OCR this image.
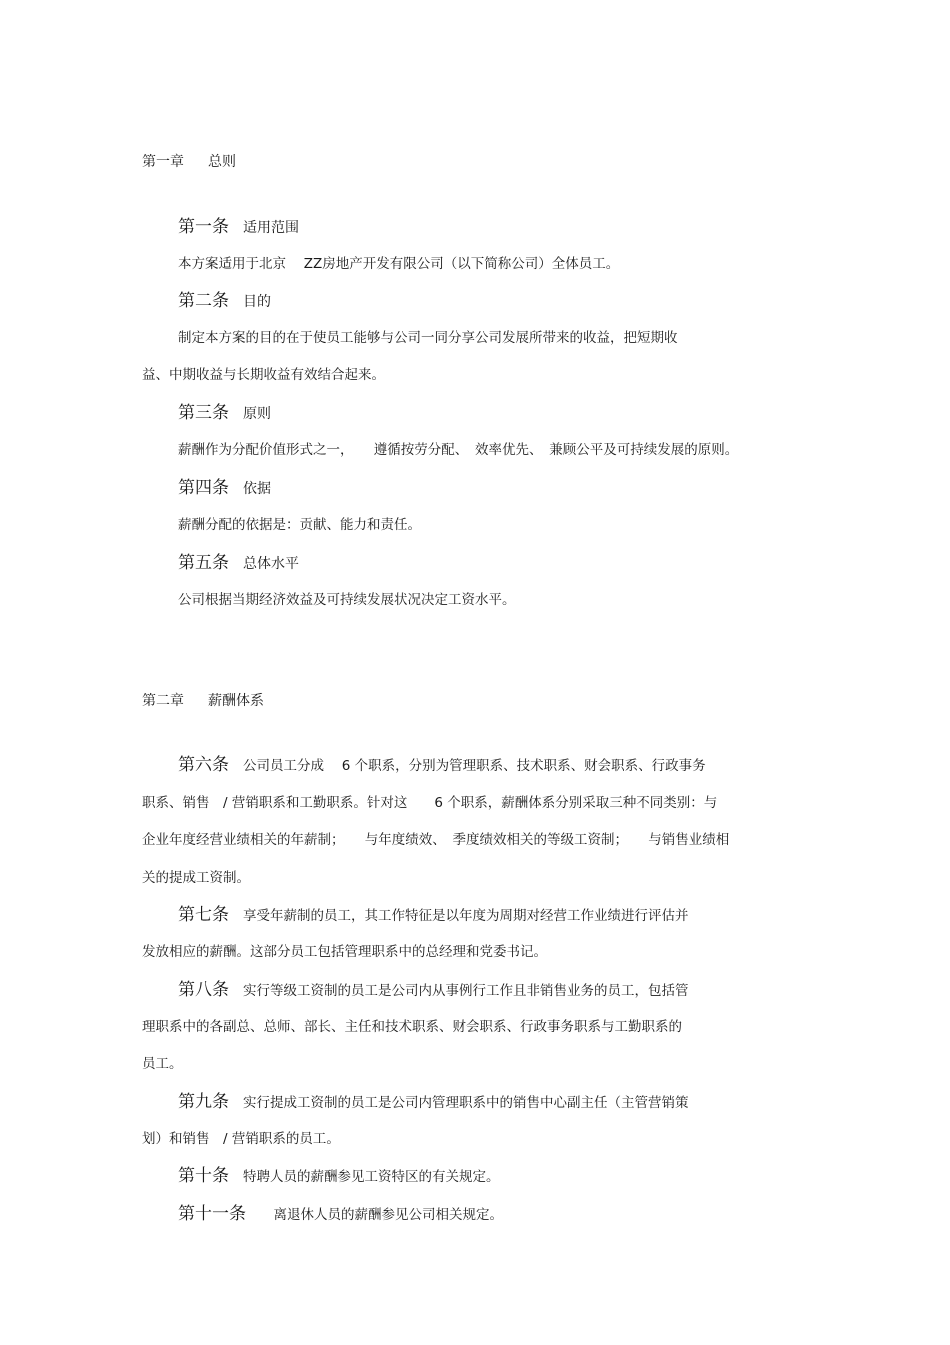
第一章 总则
第一条 适用范围
本方案适用于北京　 ZZ房地产开发有限公司（以下简称公司）全体员工。
第二条 目的
制定本方案的目的在于使员工能够与公司一同分享公司发展所带来的收益，把短期收
益、中期收益与长期收益有效结合起来。
第三条 原则
薪酬作为分配价值形式之一，　　遵循按劳分配、　效率优先、　兼顾公平及可持续发展的原则。
第四条 依据
薪酬分配的依据是：贡献、能力和责任。
第五条 总体水平
公司根据当期经济效益及可持续发展状况决定工资水平。
第二章 薪酬体系
第六条 公司员工分成　 6 个职系，分别为管理职系、技术职系、财会职系、行政事务
职系、销售　/ 营销职系和工勤职系。针对这　　6 个职系，薪酬体系分别采取三种不同类别：与
企业年度经营业绩相关的年薪制；　　与年度绩效、　季度绩效相关的等级工资制；　　与销售业绩相
关的提成工资制。
第七条 享受年薪制的员工，其工作特征是以年度为周期对经营工作业绩进行评估并
发放相应的薪酬。这部分员工包括管理职系中的总经理和党委书记。
第八条 实行等级工资制的员工是公司内从事例行工作且非销售业务的员工，包括管
理职系中的各副总、总师、部长、主任和技术职系、财会职系、行政事务职系与工勤职系的
员工。
第九条 实行提成工资制的员工是公司内管理职系中的销售中心副主任（主管营销策
划）和销售　/ 营销职系的员工。
第十条 特聘人员的薪酬参见工资特区的有关规定。
第十一条　离退休人员的薪酬参见公司相关规定。
